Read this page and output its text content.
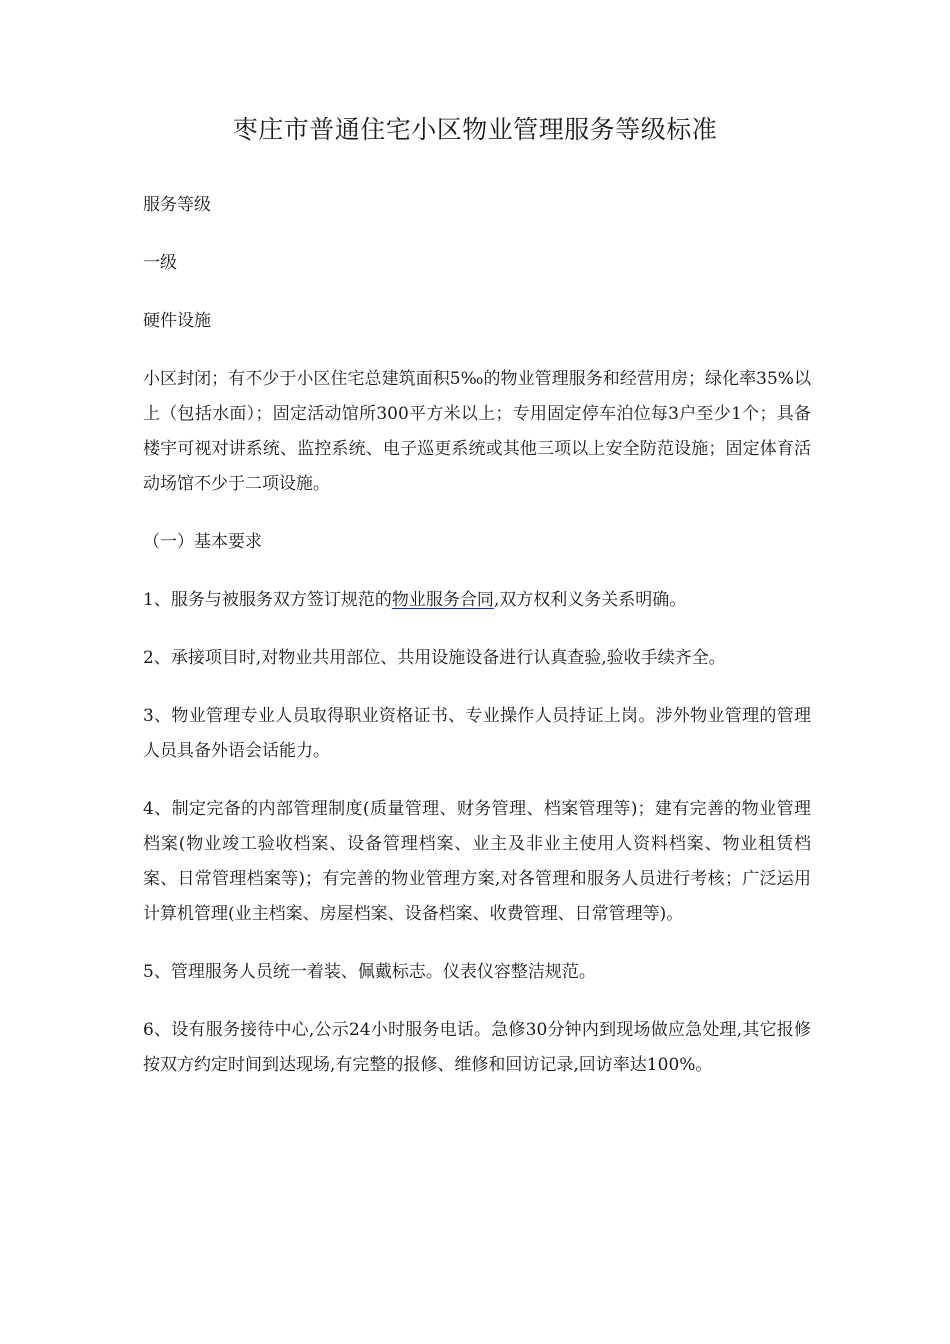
枣庄市普通住宅小区物业管理服务等级标准

服务等级

一级

硬件设施

小区封闭；有不少于小区住宅总建筑面积5‰的物业管理服务和经营用房；绿化率35%以上（包括水面）；固定活动馆所300平方米以上；专用固定停车泊位每3户至少1个；具备楼宇可视对讲系统、监控系统、电子巡更系统或其他三项以上安全防范设施；固定体育活动场馆不少于二项设施。

（一）基本要求

1、服务与被服务双方签订规范的物业服务合同,双方权利义务关系明确。

2、承接项目时,对物业共用部位、共用设施设备进行认真查验,验收手续齐全。

3、物业管理专业人员取得职业资格证书、专业操作人员持证上岗。涉外物业管理的管理人员具备外语会话能力。

4、制定完备的内部管理制度(质量管理、财务管理、档案管理等)；建有完善的物业管理档案(物业竣工验收档案、设备管理档案、业主及非业主使用人资料档案、物业租赁档案、日常管理档案等)；有完善的物业管理方案,对各管理和服务人员进行考核；广泛运用计算机管理(业主档案、房屋档案、设备档案、收费管理、日常管理等)。

5、管理服务人员统一着装、佩戴标志。仪表仪容整洁规范。

6、设有服务接待中心,公示24小时服务电话。急修30分钟内到现场做应急处理,其它报修按双方约定时间到达现场,有完整的报修、维修和回访记录,回访率达100%。
